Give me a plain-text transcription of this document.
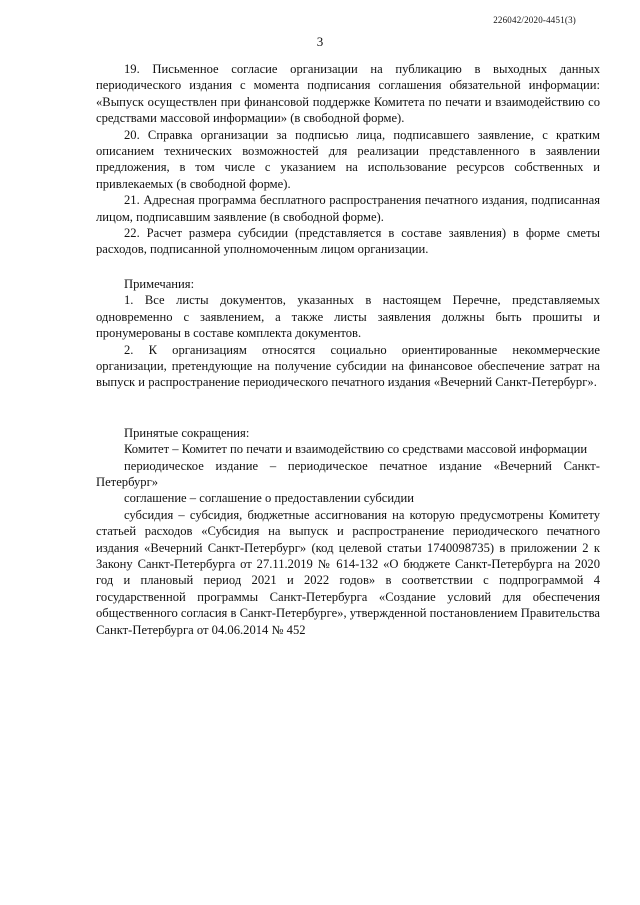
226042/2020-4451(3)
3

19. Письменное согласие организации на публикацию в выходных данных периодического издания с момента подписания соглашения обязательной информации: «Выпуск осуществлен при финансовой поддержке Комитета по печати и взаимодействию со средствами массовой информации» (в свободной форме).

20. Справка организации за подписью лица, подписавшего заявление, с кратким описанием технических возможностей для реализации представленного в заявлении предложения, в том числе с указанием на использование ресурсов собственных и привлекаемых (в свободной форме).

21. Адресная программа бесплатного распространения печатного издания, подписанная лицом, подписавшим заявление (в свободной форме).

22. Расчет размера субсидии (представляется в составе заявления) в форме сметы расходов, подписанной уполномоченным лицом организации.

Примечания:

1. Все листы документов, указанных в настоящем Перечне, представляемых одновременно с заявлением, а также листы заявления должны быть прошиты и пронумерованы в составе комплекта документов.

2. К организациям относятся социально ориентированные некоммерческие организации, претендующие на получение субсидии на финансовое обеспечение затрат на выпуск и распространение периодического печатного издания «Вечерний Санкт-Петербург».

Принятые сокращения:

Комитет – Комитет по печати и взаимодействию со средствами массовой информации

периодическое издание – периодическое печатное издание «Вечерний Санкт-Петербург»

соглашение – соглашение о предоставлении субсидии

субсидия – субсидия, бюджетные ассигнования на которую предусмотрены Комитету статьей расходов «Субсидия на выпуск и распространение периодического печатного издания «Вечерний Санкт-Петербург» (код целевой статьи 1740098735) в приложении 2 к Закону Санкт-Петербурга от 27.11.2019 № 614-132 «О бюджете Санкт-Петербурга на 2020 год и плановый период 2021 и 2022 годов» в соответствии с подпрограммой 4 государственной программы Санкт-Петербурга «Создание условий для обеспечения общественного согласия в Санкт-Петербурге», утвержденной постановлением Правительства Санкт-Петербурга от 04.06.2014 № 452
